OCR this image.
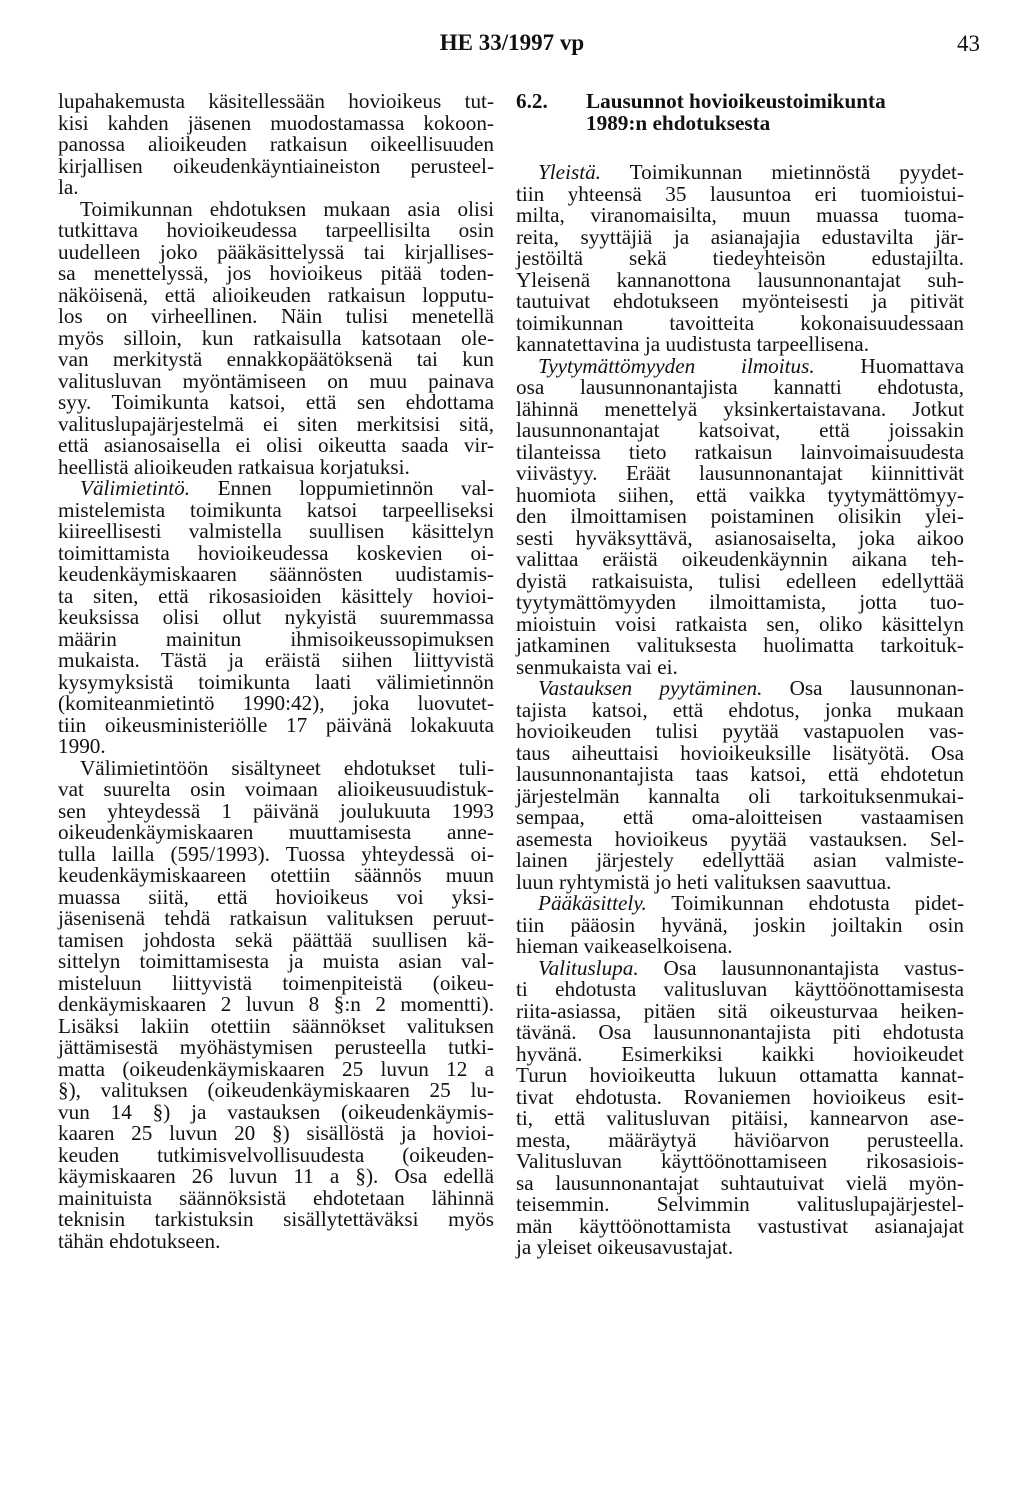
HE 33/1997 vp	43
lupahakemusta käsitellessään hovioikeus tut-
kisi kahden jäsenen muodostamassa kokoon-
panossa alioikeuden ratkaisun oikeellisuuden
kirjallisen oikeudenkäyntiaineiston perusteel-
la.
Toimikunnan ehdotuksen mukaan asia olisi
tutkittava hovioikeudessa tarpeellisilta osin
uudelleen joko pääkäsittelyssä tai kirjallises-
sa menettelyssä, jos hovioikeus pitää toden-
näköisenä, että alioikeuden ratkaisun lopputu-
los on virheellinen. Näin tulisi menetellä
myös silloin, kun ratkaisulla katsotaan ole-
van merkitystä ennakkopäätöksenä tai kun
valitusluvan myöntämiseen on muu painava
syy. Toimikunta katsoi, että sen ehdottama
valituslupajärjestelmä ei siten merkitsisi sitä,
että asianosaisella ei olisi oikeutta saada vir-
heellistä alioikeuden ratkaisua korjatuksi.
Välimietintö. Ennen loppumietinnön val-
mistelemista toimikunta katsoi tarpeelliseksi
kiireellisesti valmistella suullisen käsittelyn
toimittamista hovioikeudessa koskevien oi-
keudenkäymiskaaren säännösten uudistamis-
ta siten, että rikosasioiden käsittely hovioi-
keuksissa olisi ollut nykyistä suuremmassa
määrin mainitun ihmisoikeussopimuksen
mukaista. Tästä ja eräistä siihen liittyvistä
kysymyksistä toimikunta laati välimietinnön
(komiteanmietintö 1990:42), joka luovutet-
tiin oikeusministeriölle 17 päivänä lokakuuta
1990.
Välimietintöön sisältyneet ehdotukset tuli-
vat suurelta osin voimaan alioikeusuudistuk-
sen yhteydessä 1 päivänä joulukuuta 1993
oikeudenkäymiskaaren muuttamisesta anne-
tulla lailla (595/1993). Tuossa yhteydessä oi-
keudenkäymiskaareen otettiin säännös muun
muassa siitä, että hovioikeus voi yksi-
jäsenisenä tehdä ratkaisun valituksen peruut-
tamisen johdosta sekä päättää suullisen kä-
sittelyn toimittamisesta ja muista asian val-
misteluun liittyvistä toimenpiteistä (oikeu-
denkäymiskaaren 2 luvun 8 §:n 2 momentti).
Lisäksi lakiin otettiin säännökset valituksen
jättämisestä myöhästymisen perusteella tutki-
matta (oikeudenkäymiskaaren 25 luvun 12 a
§), valituksen (oikeudenkäymiskaaren 25 lu-
vun 14 §) ja vastauksen (oikeudenkäymis-
kaaren 25 luvun 20 §) sisällöstä ja hovioi-
keuden tutkimisvelvollisuudesta (oikeuden-
käymiskaaren 26 luvun 11 a §). Osa edellä
mainituista säännöksistä ehdotetaan lähinnä
teknisin tarkistuksin sisällytettäväksi myös
tähän ehdotukseen.
6.2. Lausunnot hovioikeustoimikunta
1989:n ehdotuksesta
Yleistä. Toimikunnan mietinnöstä pyydet-
tiin yhteensä 35 lausuntoa eri tuomioistui-
milta, viranomaisilta, muun muassa tuoma-
reita, syyttäjiä ja asianajajia edustavilta jär-
jestöiltä sekä tiedeyhteisön edustajilta.
Yleisenä kannanottona lausunnonantajat suh-
tautuivat ehdotukseen myönteisesti ja pitivät
toimikunnan tavoitteita kokonaisuudessaan
kannatettavina ja uudistusta tarpeellisena.
Tyytymättömyyden ilmoitus. Huomattava
osa lausunnonantajista kannatti ehdotusta,
lähinnä menettelyä yksinkertaistavana. Jotkut
lausunnonantajat katsoivat, että joissakin
tilanteissa tieto ratkaisun lainvoimaisuudesta
viivästyy. Eräät lausunnonantajat kiinnittivät
huomiota siihen, että vaikka tyytymättömyy-
den ilmoittamisen poistaminen olisikin ylei-
sesti hyväksyttävä, asianosaiselta, joka aikoo
valittaa eräistä oikeudenkäynnin aikana teh-
dyistä ratkaisuista, tulisi edelleen edellyttää
tyytymättömyyden ilmoittamista, jotta tuo-
mioistuin voisi ratkaista sen, oliko käsittelyn
jatkaminen valituksesta huolimatta tarkoituk-
senmukaista vai ei.
Vastauksen pyytäminen. Osa lausunnonan-
tajista katsoi, että ehdotus, jonka mukaan
hovioikeuden tulisi pyytää vastapuolen vas-
taus aiheuttaisi hovioikeuksille lisätyötä. Osa
lausunnonantajista taas katsoi, että ehdotetun
järjestelmän kannalta oli tarkoituksenmukai-
sempaa, että oma-aloitteisen vastaamisen
asemesta hovioikeus pyytää vastauksen. Sel-
lainen järjestely edellyttää asian valmiste-
luun ryhtymistä jo heti valituksen saavuttua.
Pääkäsittely. Toimikunnan ehdotusta pidet-
tiin pääosin hyvänä, joskin joiltakin osin
hieman vaikeaselkoisena.
Valituslupa. Osa lausunnonantajista vastus-
ti ehdotusta valitusluvan käyttöönottamisesta
riita-asiassa, pitäen sitä oikeusturvaa heiken-
tävänä. Osa lausunnonantajista piti ehdotusta
hyvänä. Esimerkiksi kaikki hovioikeudet
Turun hovioikeutta lukuun ottamatta kannat-
tivat ehdotusta. Rovaniemen hovioikeus esit-
ti, että valitusluvan pitäisi, kannearvon ase-
mesta, määräytyä häviöarvon perusteella.
Valitusluvan käyttöönottamiseen rikosasiois-
sa lausunnonantajat suhtautuivat vielä myön-
teisemmin. Selvimmin valituslupajärjestel-
män käyttöönottamista vastustivat asianajajat
ja yleiset oikeusavustajat.
